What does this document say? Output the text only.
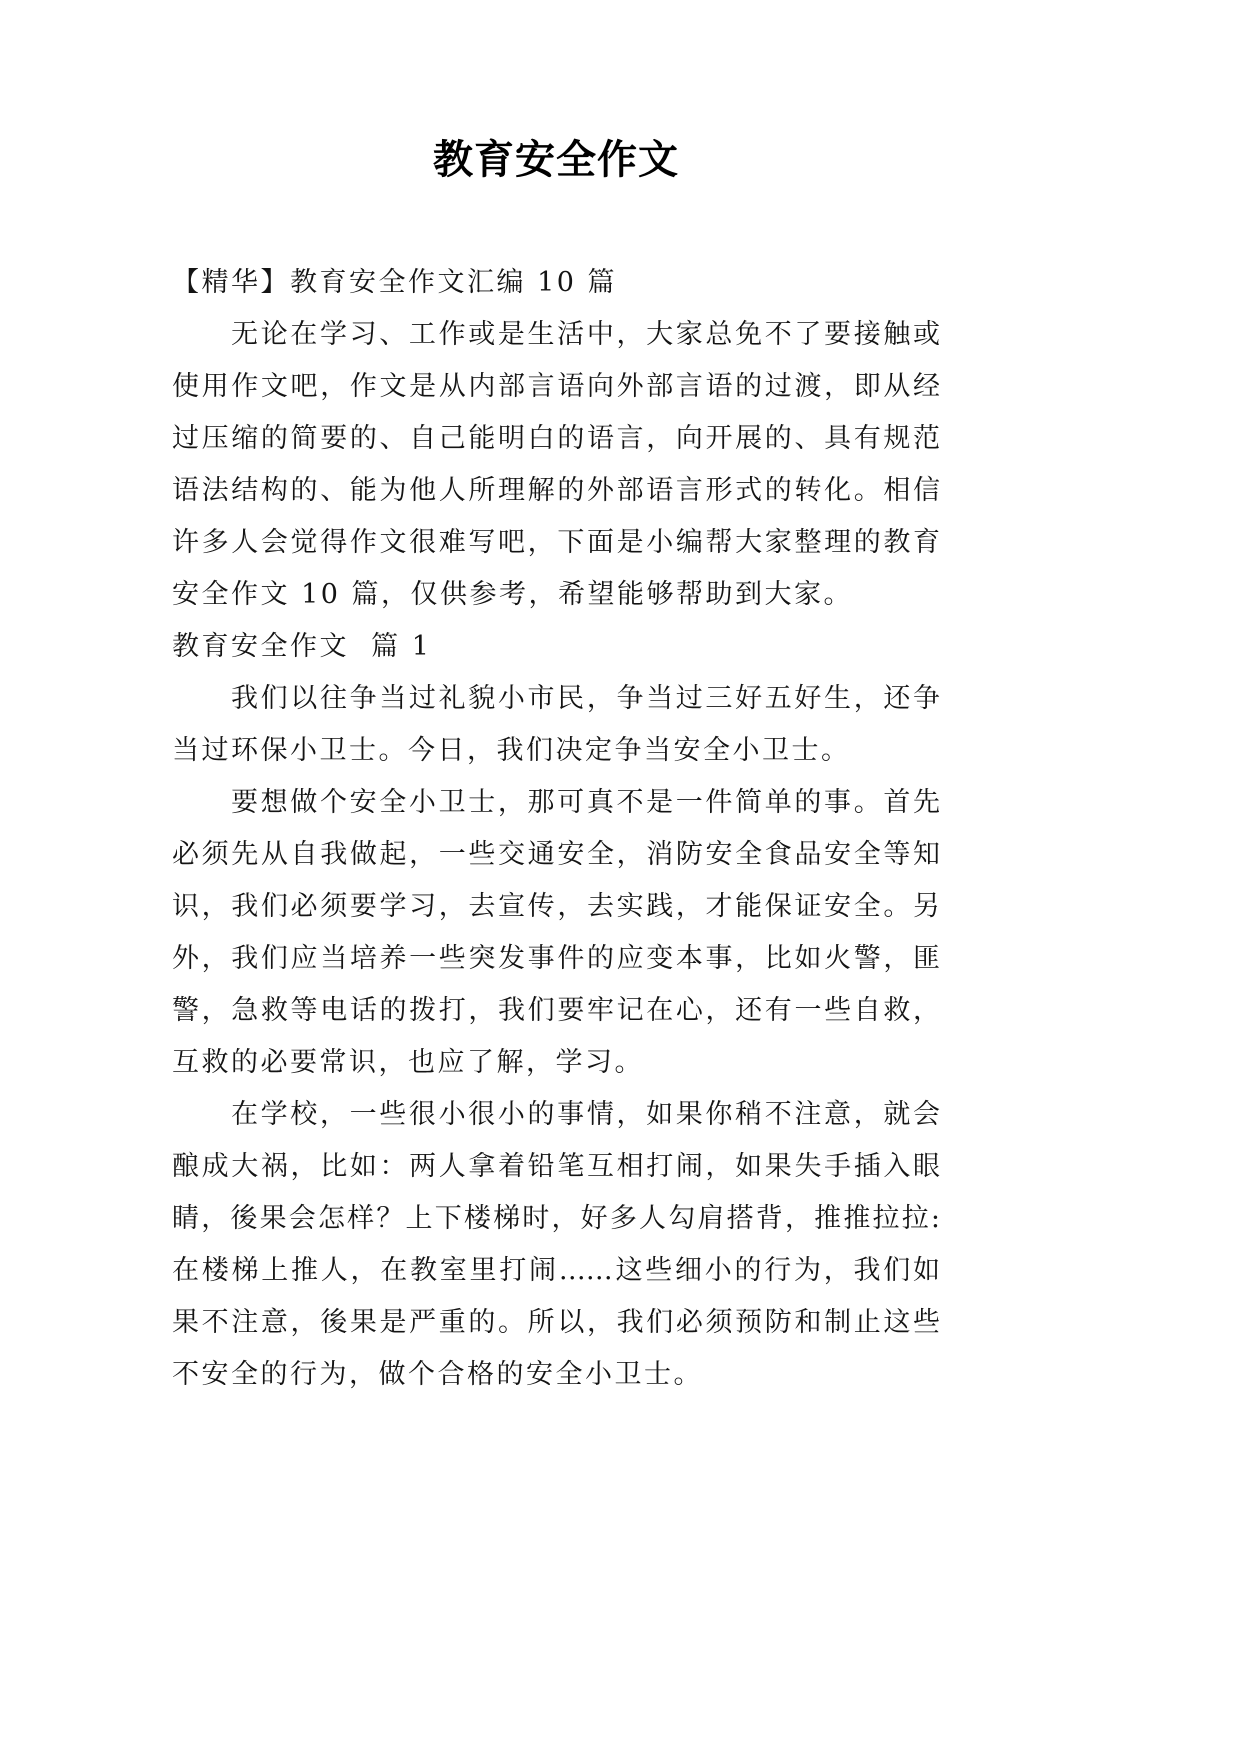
教育安全作文
【精华】教育安全作文汇编 10 篇
无论在学习、工作或是生活中，大家总免不了要接触或
使用作文吧，作文是从内部言语向外部言语的过渡，即从经
过压缩的简要的、自己能明白的语言，向开展的、具有规范
语法结构的、能为他人所理解的外部语言形式的转化。相信
许多人会觉得作文很难写吧，下面是小编帮大家整理的教育
安全作文 10 篇，仅供参考，希望能够帮助到大家。
教育安全作文  篇 1
我们以往争当过礼貌小市民，争当过三好五好生，还争
当过环保小卫士。今日，我们决定争当安全小卫士。
要想做个安全小卫士，那可真不是一件简单的事。首先
必须先从自我做起，一些交通安全，消防安全食品安全等知
识，我们必须要学习，去宣传，去实践，才能保证安全。另
外，我们应当培养一些突发事件的应变本事，比如火警，匪
警，急救等电话的拨打，我们要牢记在心，还有一些自救，
互救的必要常识，也应了解，学习。
在学校，一些很小很小的事情，如果你稍不注意，就会
酿成大祸，比如：两人拿着铅笔互相打闹，如果失手插入眼
睛，後果会怎样？上下楼梯时，好多人勾肩搭背，推推拉拉:
在楼梯上推人，在教室里打闹……这些细小的行为，我们如
果不注意，後果是严重的。所以，我们必须预防和制止这些
不安全的行为，做个合格的安全小卫士。
